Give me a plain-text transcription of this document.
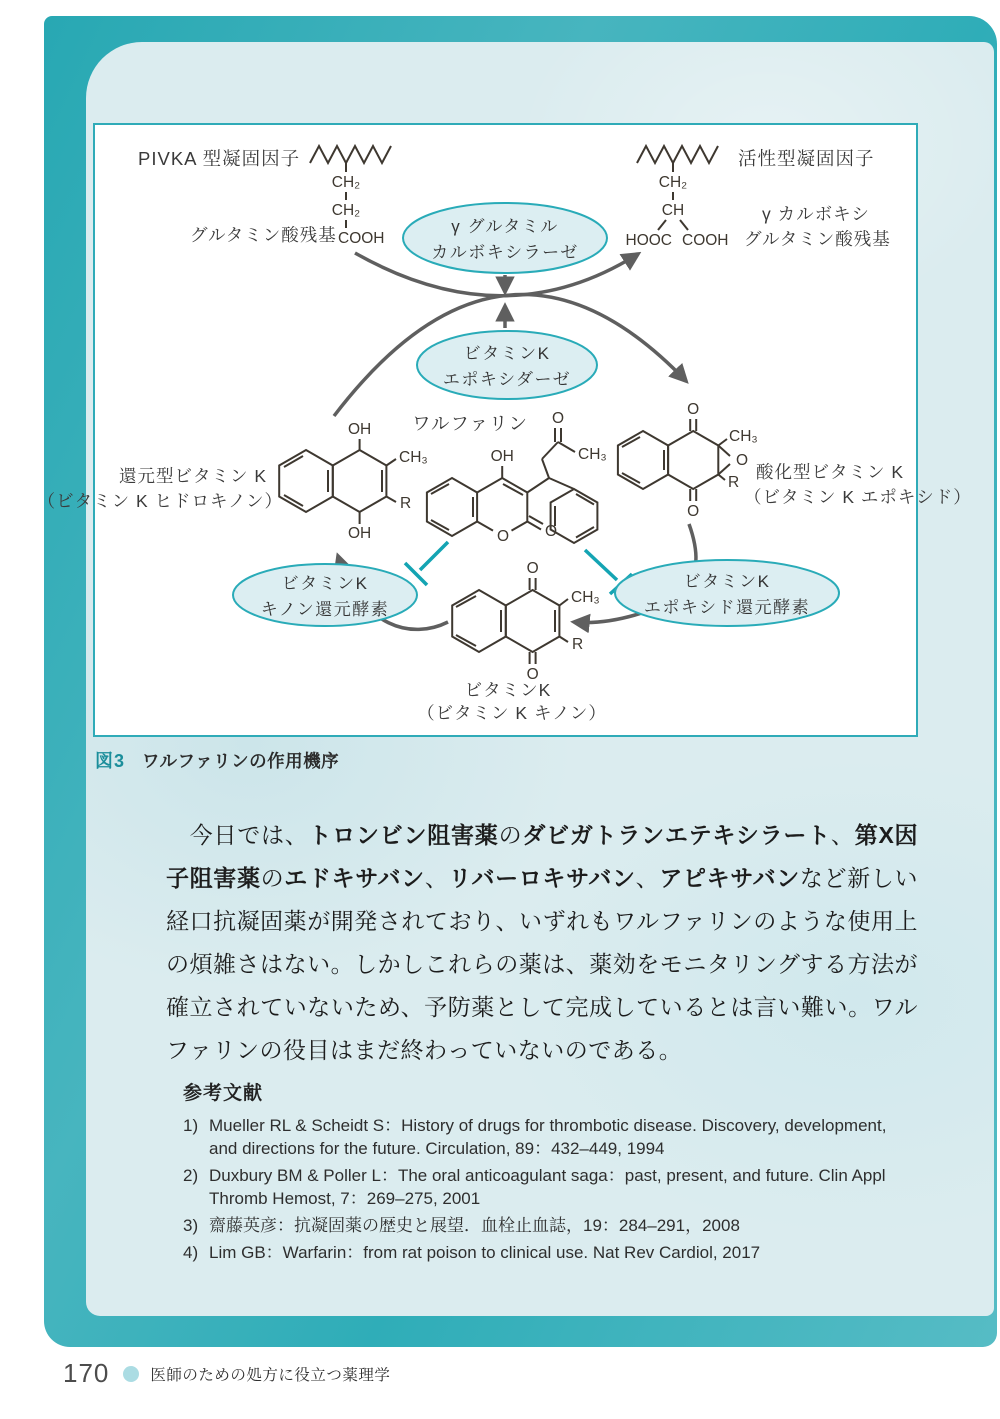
γ グルタミル
カルボキシラーゼ
ビタミンK
エポキシダーゼ
ビタミンK
キノン還元酵素
ビタミンK
エポキシド還元酵素
PIVKA 型凝固因子
CH₂
CH₂
COOH
グルタミン酸残基
CH₂
CH
HOOC COOH
活性型凝固因子
γ カルボキシ
グルタミン酸残基
OH
CH₃
R
OH
還元型ビタミン K
（ビタミン K ヒドロキノン）
ワルファリン
O O
OH
O
CH₃
O
O
CH₃
O
R
酸化型ビタミン K
（ビタミン K エポキシド）
O
O
CH₃
R
ビタミンK
（ビタミン K キノン）
図3 ワルファリンの作用機序
　今日では、トロンビン阻害薬のダビガトランエテキシラート、第X因子阻害薬のエドキサバン、リバーロキサバン、アピキサバンなど新しい経口抗凝固薬が開発されており、いずれもワルファリンのような使用上の煩雑さはない。しかしこれらの薬は、薬効をモニタリングする方法が確立されていないため、予防薬として完成しているとは言い難い。ワルファリンの役目はまだ終わっていないのである。
参考文献
1) Mueller RL & Scheidt S：History of drugs for thrombotic disease. Discovery, development, and directions for the future. Circulation, 89：432–449, 1994
2) Duxbury BM & Poller L：The oral anticoagulant saga：past, present, and future. Clin Appl Thromb Hemost, 7：269–275, 2001
3) 齋藤英彦：抗凝固薬の歴史と展望．血栓止血誌，19：284–291，2008
4) Lim GB：Warfarin：from rat poison to clinical use. Nat Rev Cardiol, 2017
170	医師のための処方に役立つ薬理学
